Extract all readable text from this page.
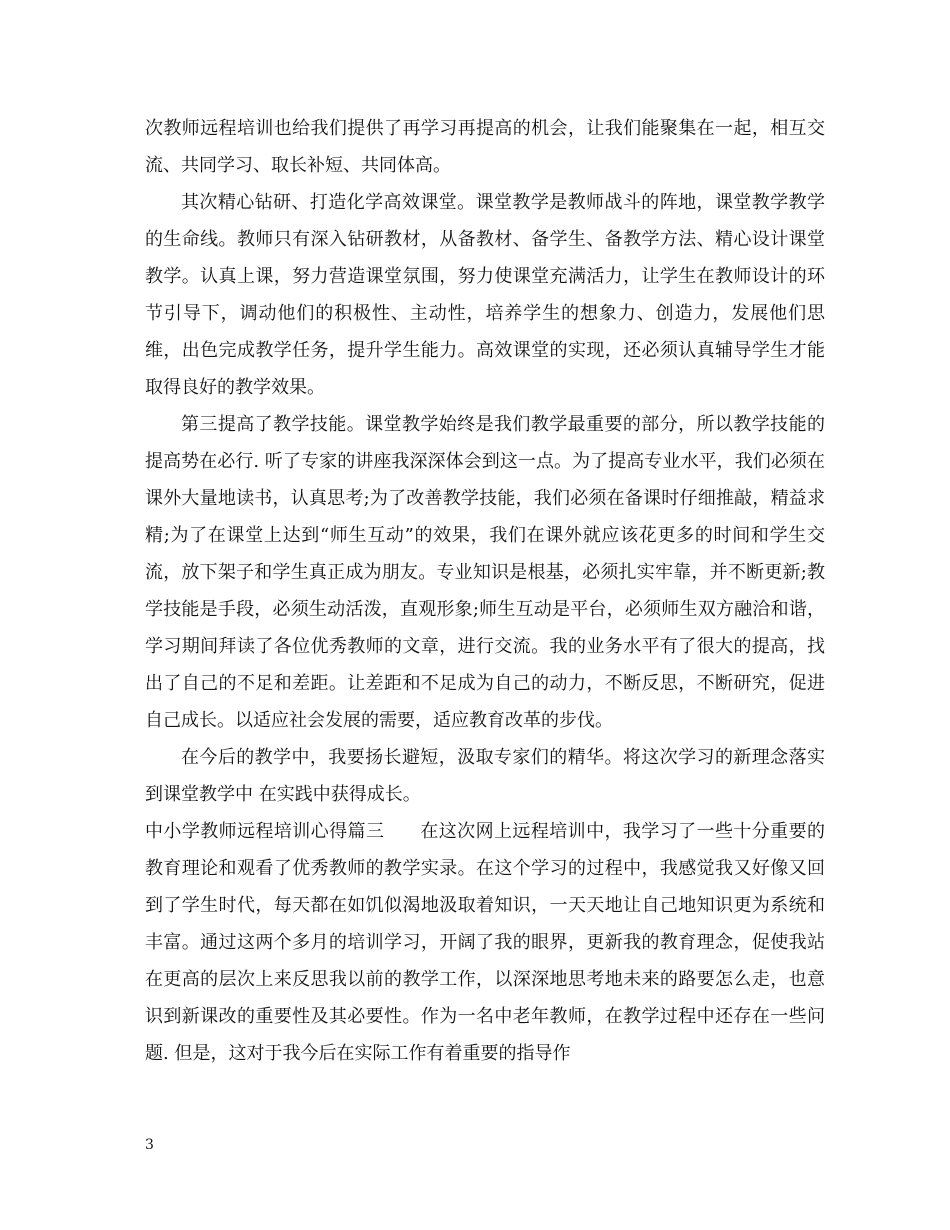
次教师远程培训也给我们提供了再学习再提高的机会，让我们能聚集在一起，相互交流、共同学习、取长补短、共同体高。

其次精心钻研、打造化学高效课堂。课堂教学是教师战斗的阵地，课堂教学教学的生命线。教师只有深入钻研教材，从备教材、备学生、备教学方法、精心设计课堂教学。认真上课，努力营造课堂氛围，努力使课堂充满活力，让学生在教师设计的环节引导下，调动他们的积极性、主动性，培养学生的想象力、创造力，发展他们思维，出色完成教学任务，提升学生能力。高效课堂的实现，还必须认真辅导学生才能取得良好的教学效果。

第三提高了教学技能。课堂教学始终是我们教学最重要的部分，所以教学技能的提高势在必行. 听了专家的讲座我深深体会到这一点。为了提高专业水平，我们必须在课外大量地读书，认真思考;为了改善教学技能，我们必须在备课时仔细推敲，精益求精;为了在课堂上达到“师生互动”的效果，我们在课外就应该花更多的时间和学生交流，放下架子和学生真正成为朋友。专业知识是根基，必须扎实牢靠，并不断更新;教学技能是手段，必须生动活泼，直观形象;师生互动是平台，必须师生双方融洽和谐，学习期间拜读了各位优秀教师的文章，进行交流。我的业务水平有了很大的提高，找出了自己的不足和差距。让差距和不足成为自己的动力，不断反思，不断研究，促进自己成长。以适应社会发展的需要，适应教育改革的步伐。

在今后的教学中，我要扬长避短，汲取专家们的精华。将这次学习的新理念落实到课堂教学中 在实践中获得成长。

中小学教师远程培训心得篇三 在这次网上远程培训中，我学习了一些十分重要的教育理论和观看了优秀教师的教学实录。在这个学习的过程中，我感觉我又好像又回到了学生时代，每天都在如饥似渴地汲取着知识，一天天地让自己地知识更为系统和丰富。通过这两个多月的培训学习，开阔了我的眼界，更新我的教育理念，促使我站在更高的层次上来反思我以前的教学工作，以深深地思考地未来的路要怎么走，也意识到新课改的重要性及其必要性。作为一名中老年教师，在教学过程中还存在一些问题. 但是，这对于我今后在实际工作有着重要的指导作

3
